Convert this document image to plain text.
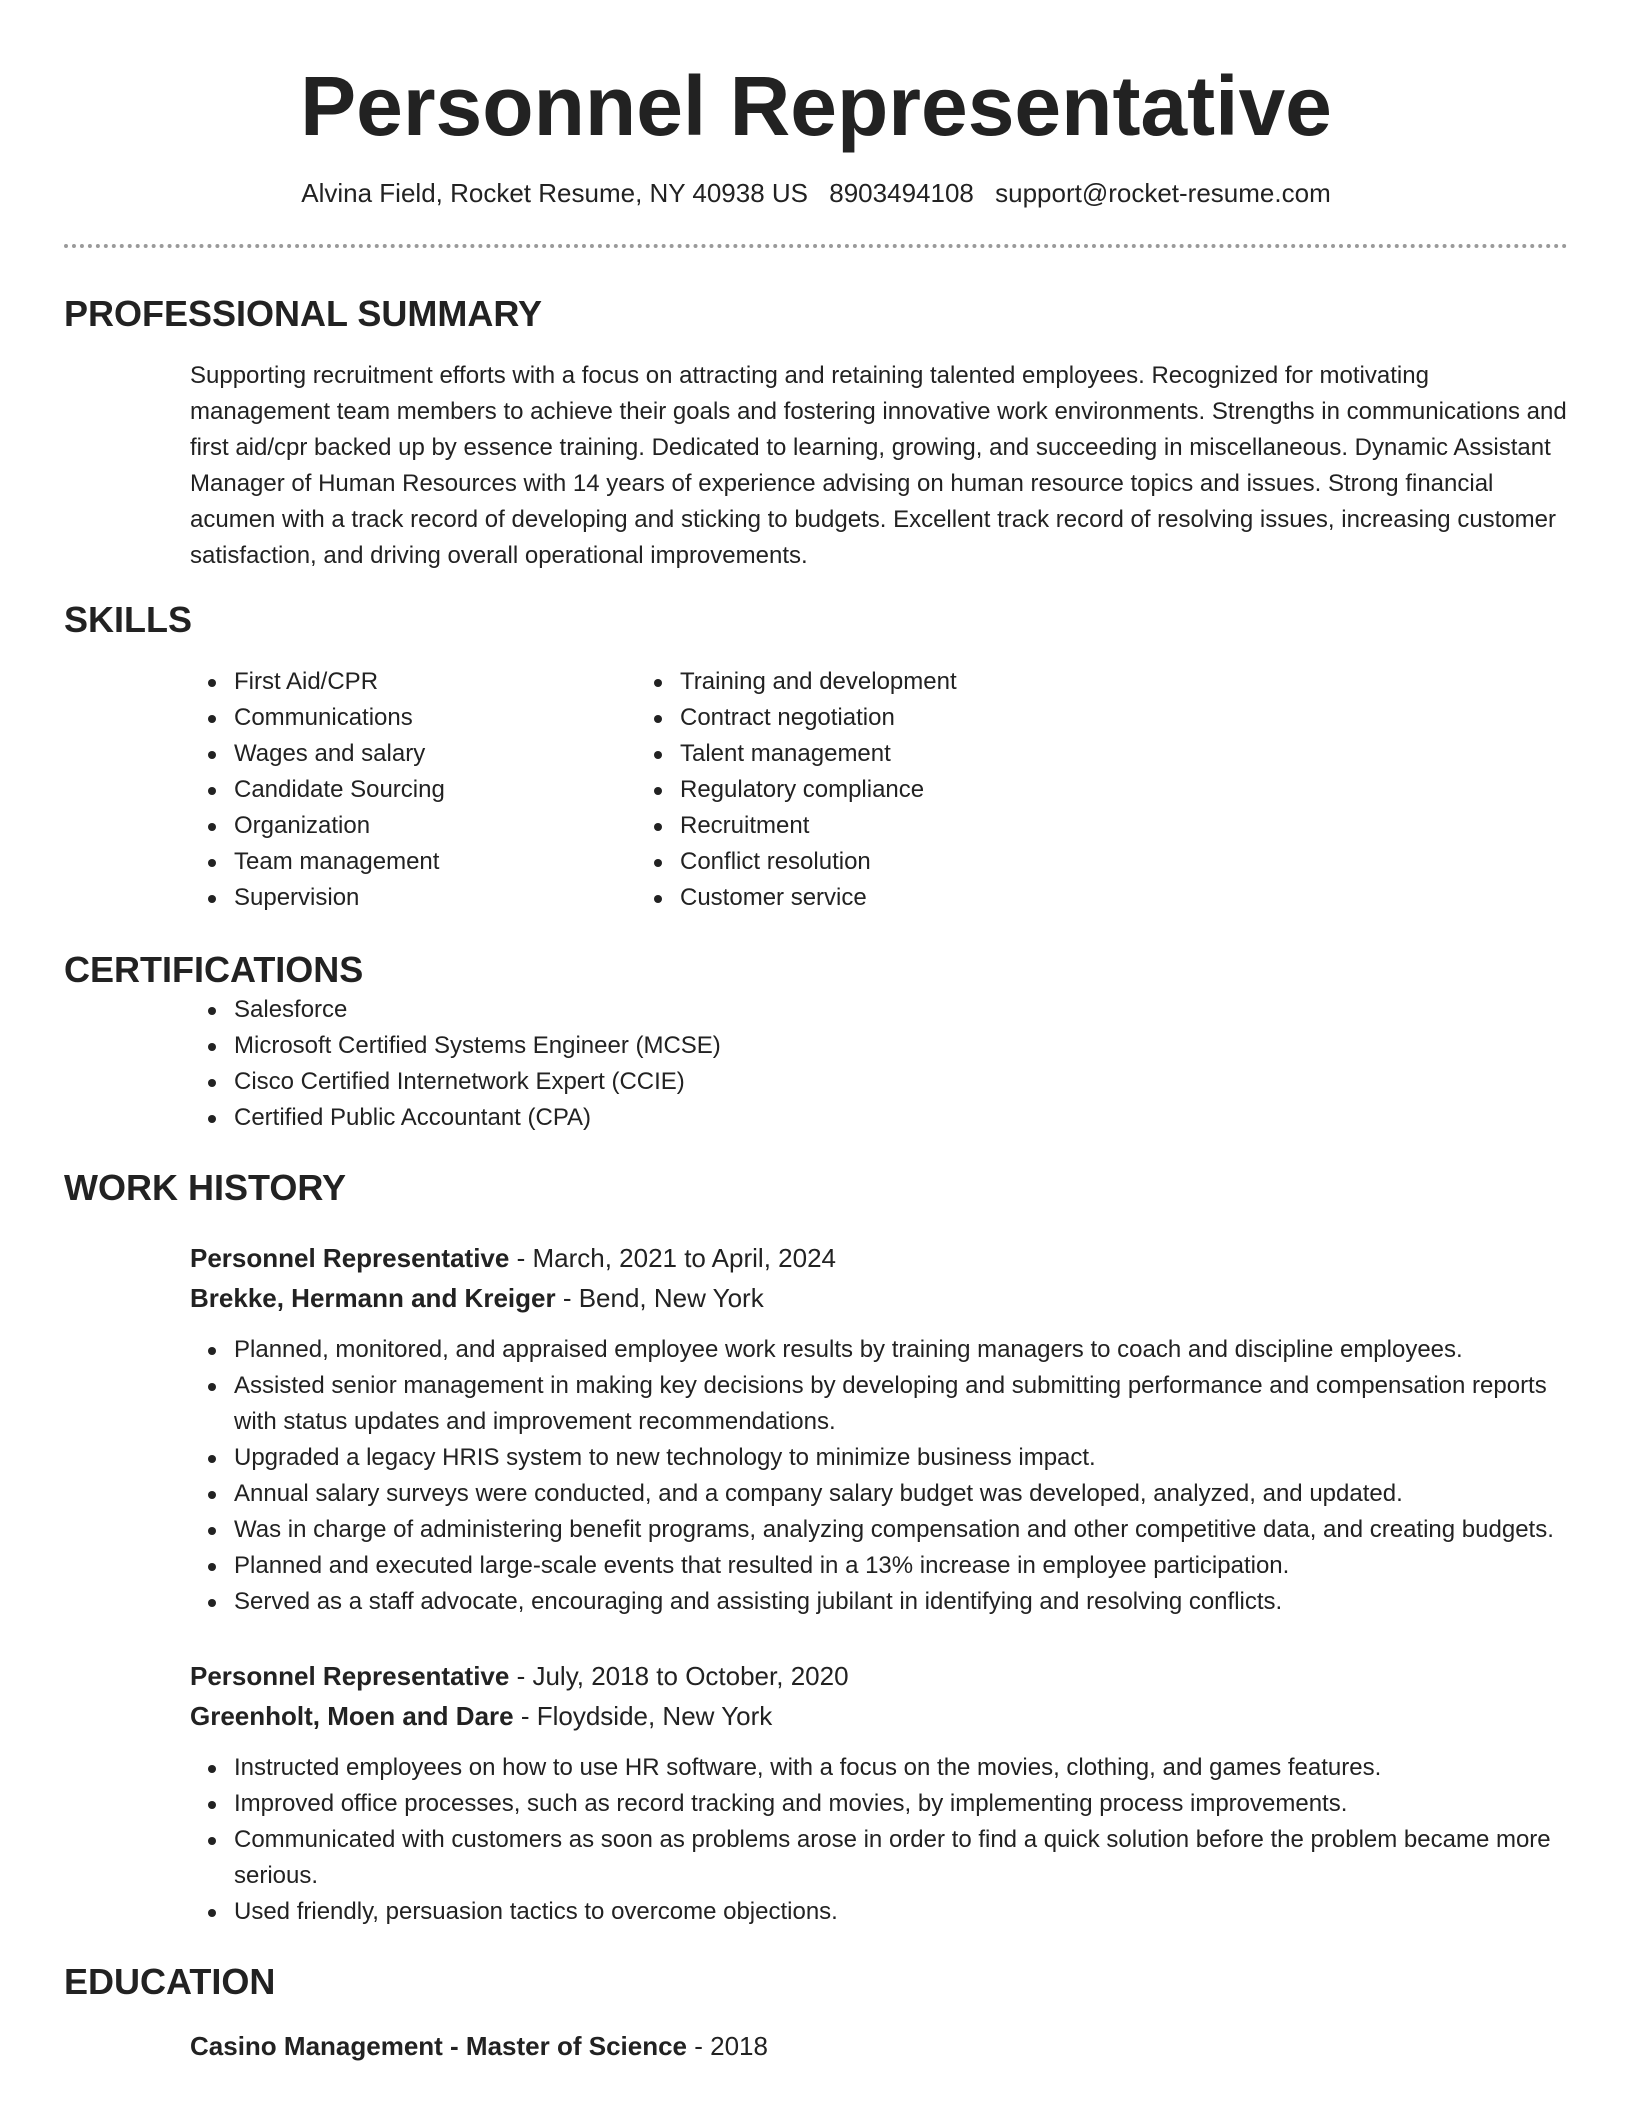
Personnel Representative
Alvina Field, Rocket Resume, NY 40938 US 8903494108 support@rocket-resume.com
PROFESSIONAL SUMMARY

Supporting recruitment efforts with a focus on attracting and retaining talented employees. Recognized for motivating management team members to achieve their goals and fostering innovative work environments. Strengths in communications and first aid/cpr backed up by essence training. Dedicated to learning, growing, and succeeding in miscellaneous. Dynamic Assistant Manager of Human Resources with 14 years of experience advising on human resource topics and issues. Strong financial acumen with a track record of developing and sticking to budgets. Excellent track record of resolving issues, increasing customer satisfaction, and driving overall operational improvements.

SKILLS
First Aid/CPR
Communications
Wages and salary
Candidate Sourcing
Organization
Team management
Supervision
Training and development
Contract negotiation
Talent management
Regulatory compliance
Recruitment
Conflict resolution
Customer service
CERTIFICATIONS
Salesforce
Microsoft Certified Systems Engineer (MCSE)
Cisco Certified Internetwork Expert (CCIE)
Certified Public Accountant (CPA)
WORK HISTORY
Personnel Representative - March, 2021 to April, 2024
Brekke, Hermann and Kreiger - Bend, New York
Planned, monitored, and appraised employee work results by training managers to coach and discipline employees.
Assisted senior management in making key decisions by developing and submitting performance and compensation reports with status updates and improvement recommendations.
Upgraded a legacy HRIS system to new technology to minimize business impact.
Annual salary surveys were conducted, and a company salary budget was developed, analyzed, and updated.
Was in charge of administering benefit programs, analyzing compensation and other competitive data, and creating budgets.
Planned and executed large-scale events that resulted in a 13% increase in employee participation.
Served as a staff advocate, encouraging and assisting jubilant in identifying and resolving conflicts.
Personnel Representative - July, 2018 to October, 2020
Greenholt, Moen and Dare - Floydside, New York
Instructed employees on how to use HR software, with a focus on the movies, clothing, and games features.
Improved office processes, such as record tracking and movies, by implementing process improvements.
Communicated with customers as soon as problems arose in order to find a quick solution before the problem became more serious.
Used friendly, persuasion tactics to overcome objections.
EDUCATION
Casino Management - Master of Science - 2018
